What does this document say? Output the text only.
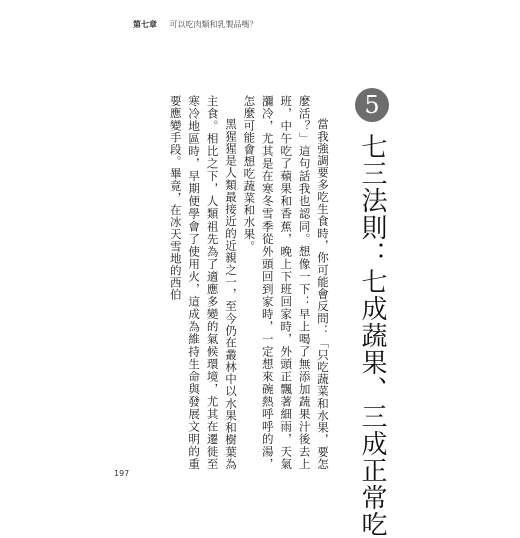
第七章 可以吃肉類和乳製品嗎？
5
七三法則：七成蔬果、三成正常吃

當我強調要多吃生食時，你可能會反問：「只吃蔬菜和水果，要怎麼活？」這句話我也認同。想像一下：早上喝了無添加蔬果汁後去上班，中午吃了蘋果和香蕉，晚上下班回家時，外頭正飄著細雨，天氣瀰冷，尤其是在寒冬雪季從外頭回到家時，一定想來碗熱呼呼的湯，怎麼可能會想吃蔬菜和水果。

黑猩猩是人類最接近的近親之一，至今仍在叢林中以水果和樹葉為主食。相比之下，人類祖先為了適應多變的氣候環境，尤其在遷徙至寒冷地區時，早期便學會了使用火，這成為維持生命與發展文明的重要應變手段。畢竟，在冰天雪地的西伯

197
